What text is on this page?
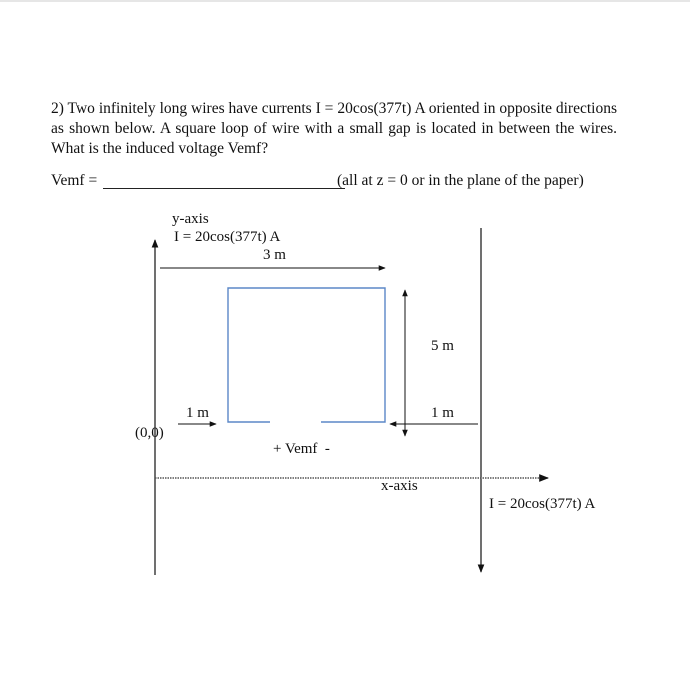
2) Two infinitely long wires have currents I = 20cos(377t) A oriented in opposite directions as shown below. A square loop of wire with a small gap is located in between the wires. What is the induced voltage Vemf?

Vemf =	(all at z = 0 or in the plane of the paper)
y-axis
I = 20cos(377t) A
3 m
5 m
1 m	1 m
(0,0)
+ Vemf  -
x-axis
I = 20cos(377t) A
